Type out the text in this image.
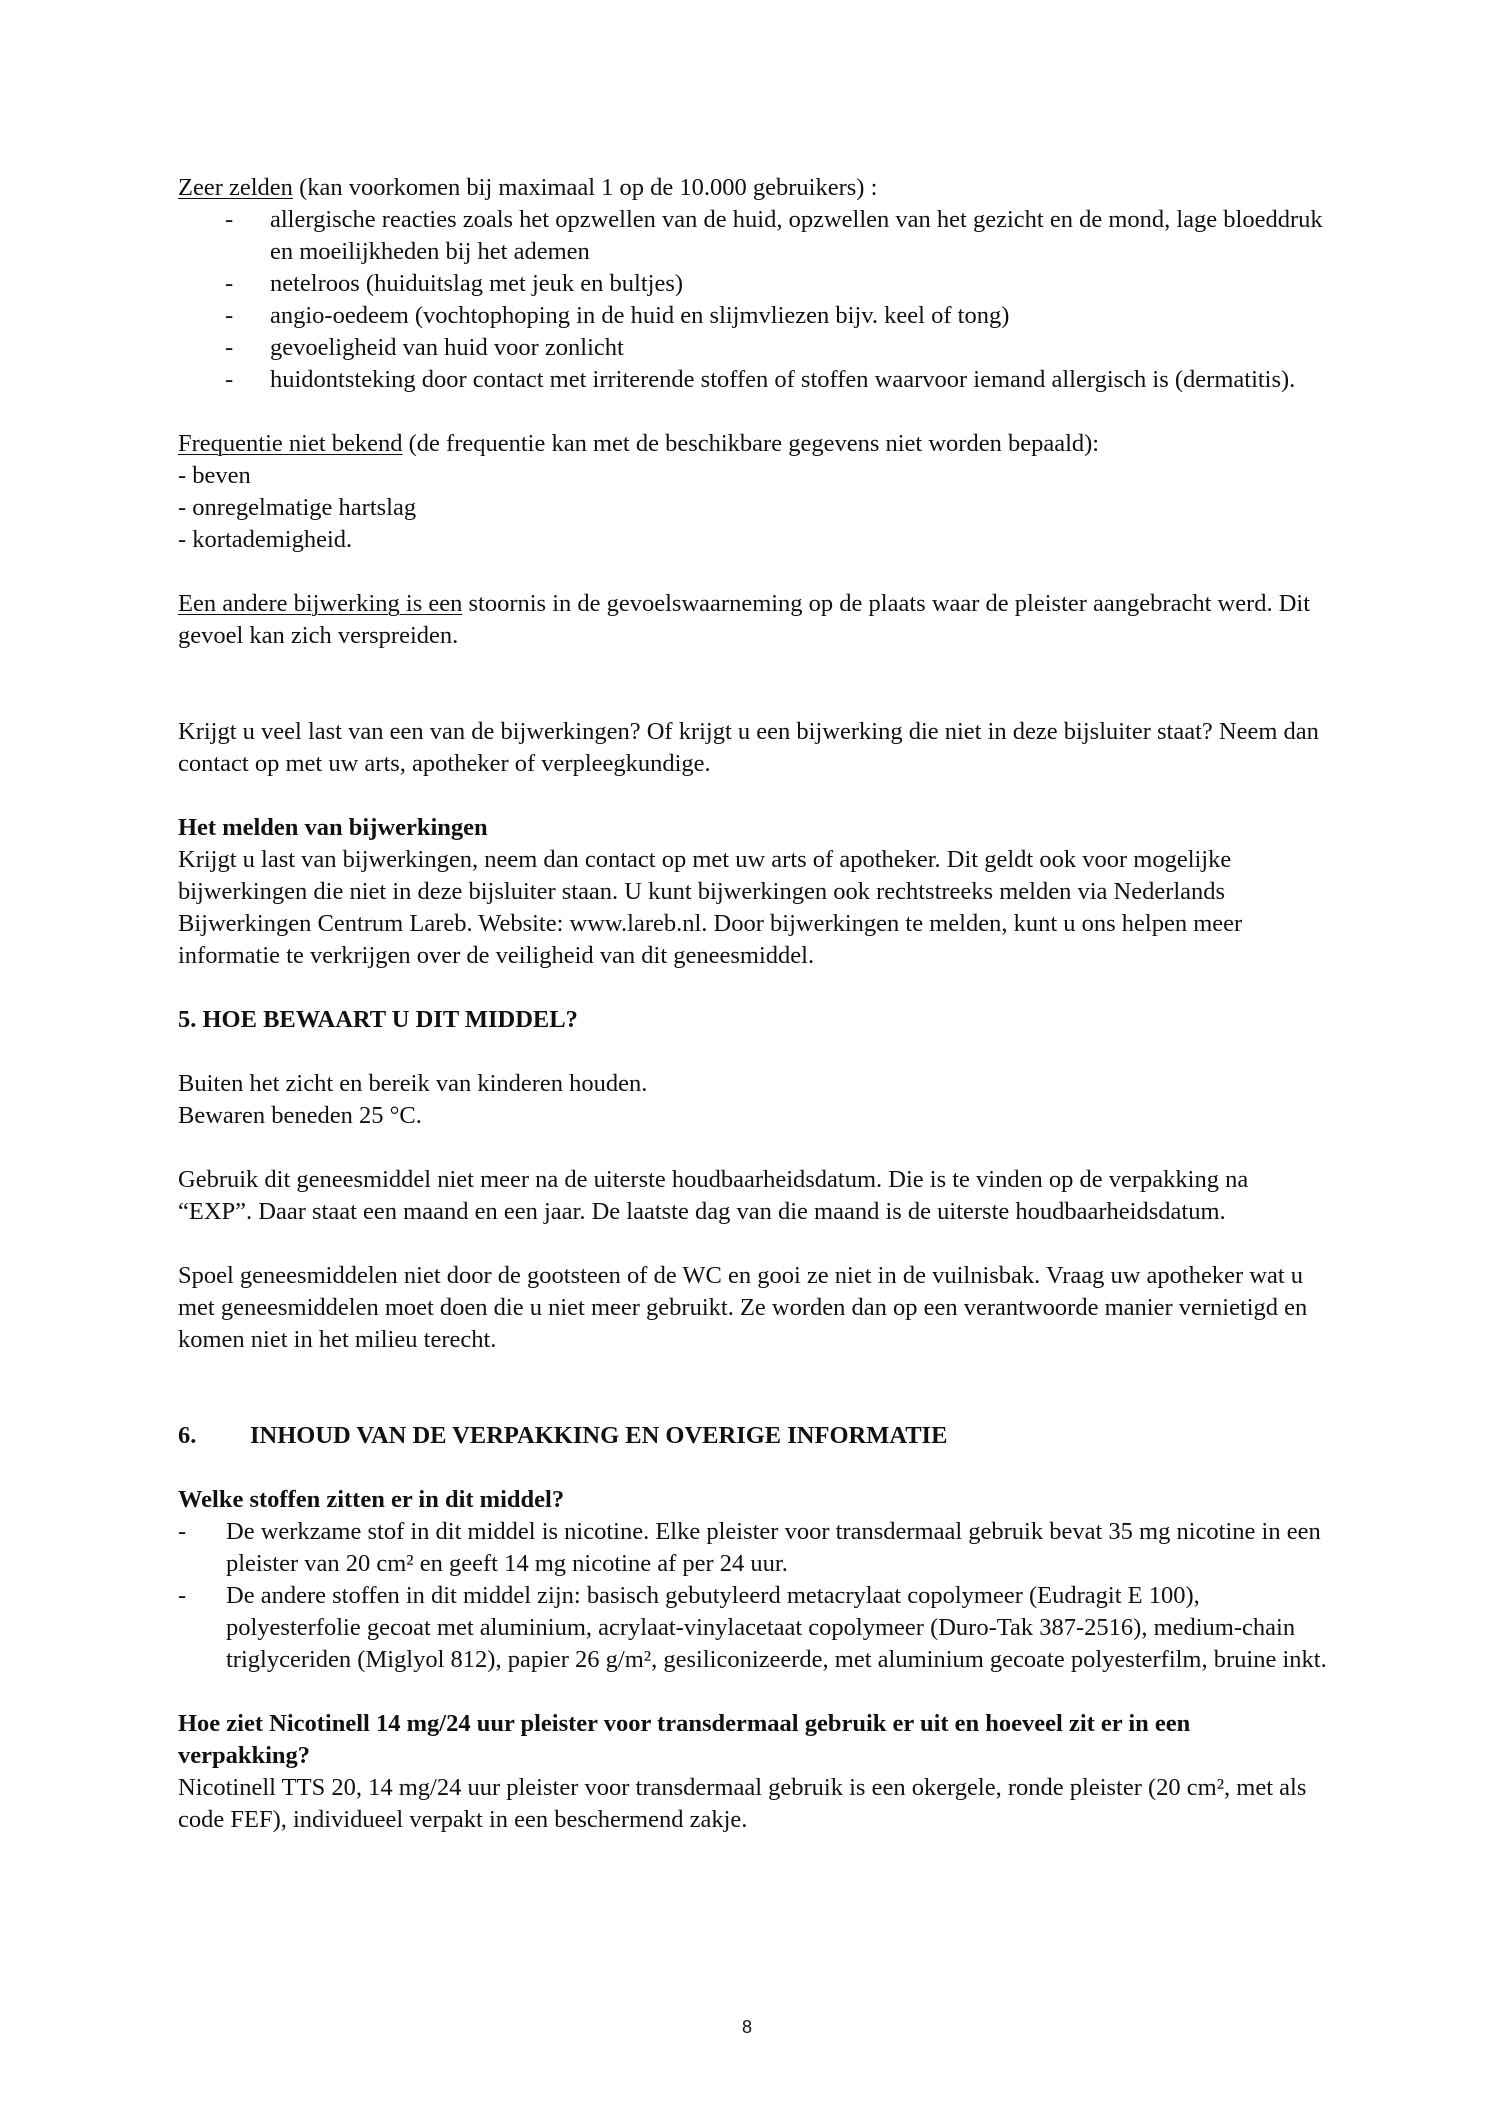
Zeer zelden (kan voorkomen bij maximaal 1 op de 10.000 gebruikers) :

- allergische reacties zoals het opzwellen van de huid, opzwellen van het gezicht en de mond, lage bloeddruk en moeilijkheden bij het ademen
- netelroos (huiduitslag met jeuk en bultjes)
- angio-oedeem (vochtophoping in de huid en slijmvliezen bijv. keel of tong)
- gevoeligheid van huid voor zonlicht
- huidontsteking door contact met irriterende stoffen of stoffen waarvoor iemand allergisch is (dermatitis).

Frequentie niet bekend (de frequentie kan met de beschikbare gegevens niet worden bepaald):

- beven

- onregelmatige hartslag

- kortademigheid.

Een andere bijwerking is een stoornis in de gevoelswaarneming op de plaats waar de pleister aangebracht werd. Dit gevoel kan zich verspreiden.

Krijgt u veel last van een van de bijwerkingen? Of krijgt u een bijwerking die niet in deze bijsluiter staat? Neem dan contact op met uw arts, apotheker of verpleegkundige.

Het melden van bijwerkingen

Krijgt u last van bijwerkingen, neem dan contact op met uw arts of apotheker. Dit geldt ook voor mogelijke bijwerkingen die niet in deze bijsluiter staan. U kunt bijwerkingen ook rechtstreeks melden via Nederlands Bijwerkingen Centrum Lareb. Website: www.lareb.nl. Door bijwerkingen te melden, kunt u ons helpen meer informatie te verkrijgen over de veiligheid van dit geneesmiddel.

5. HOE BEWAART U DIT MIDDEL?

Buiten het zicht en bereik van kinderen houden.

Bewaren beneden 25 °C.

Gebruik dit geneesmiddel niet meer na de uiterste houdbaarheidsdatum. Die is te vinden op de verpakking na “EXP”. Daar staat een maand en een jaar. De laatste dag van die maand is de uiterste houdbaarheidsdatum.

Spoel geneesmiddelen niet door de gootsteen of de WC en gooi ze niet in de vuilnisbak. Vraag uw apotheker wat u met geneesmiddelen moet doen die u niet meer gebruikt. Ze worden dan op een verantwoorde manier vernietigd en komen niet in het milieu terecht.

6.	INHOUD VAN DE VERPAKKING EN OVERIGE INFORMATIE

Welke stoffen zitten er in dit middel?

- De werkzame stof in dit middel is nicotine. Elke pleister voor transdermaal gebruik bevat 35 mg nicotine in een pleister van 20 cm² en geeft 14 mg nicotine af per 24 uur.
- De andere stoffen in dit middel zijn: basisch gebutyleerd metacrylaat copolymeer (Eudragit E 100), polyesterfolie gecoat met aluminium, acrylaat-vinylacetaat copolymeer (Duro-Tak 387-2516), medium-chain triglyceriden (Miglyol 812), papier 26 g/m², gesiliconizeerde, met aluminium gecoate polyesterfilm, bruine inkt.

Hoe ziet Nicotinell 14 mg/24 uur pleister voor transdermaal gebruik er uit en hoeveel zit er in een verpakking?

Nicotinell TTS 20, 14 mg/24 uur pleister voor transdermaal gebruik is een okergele, ronde pleister (20 cm², met als code FEF), individueel verpakt in een beschermend zakje.

8
